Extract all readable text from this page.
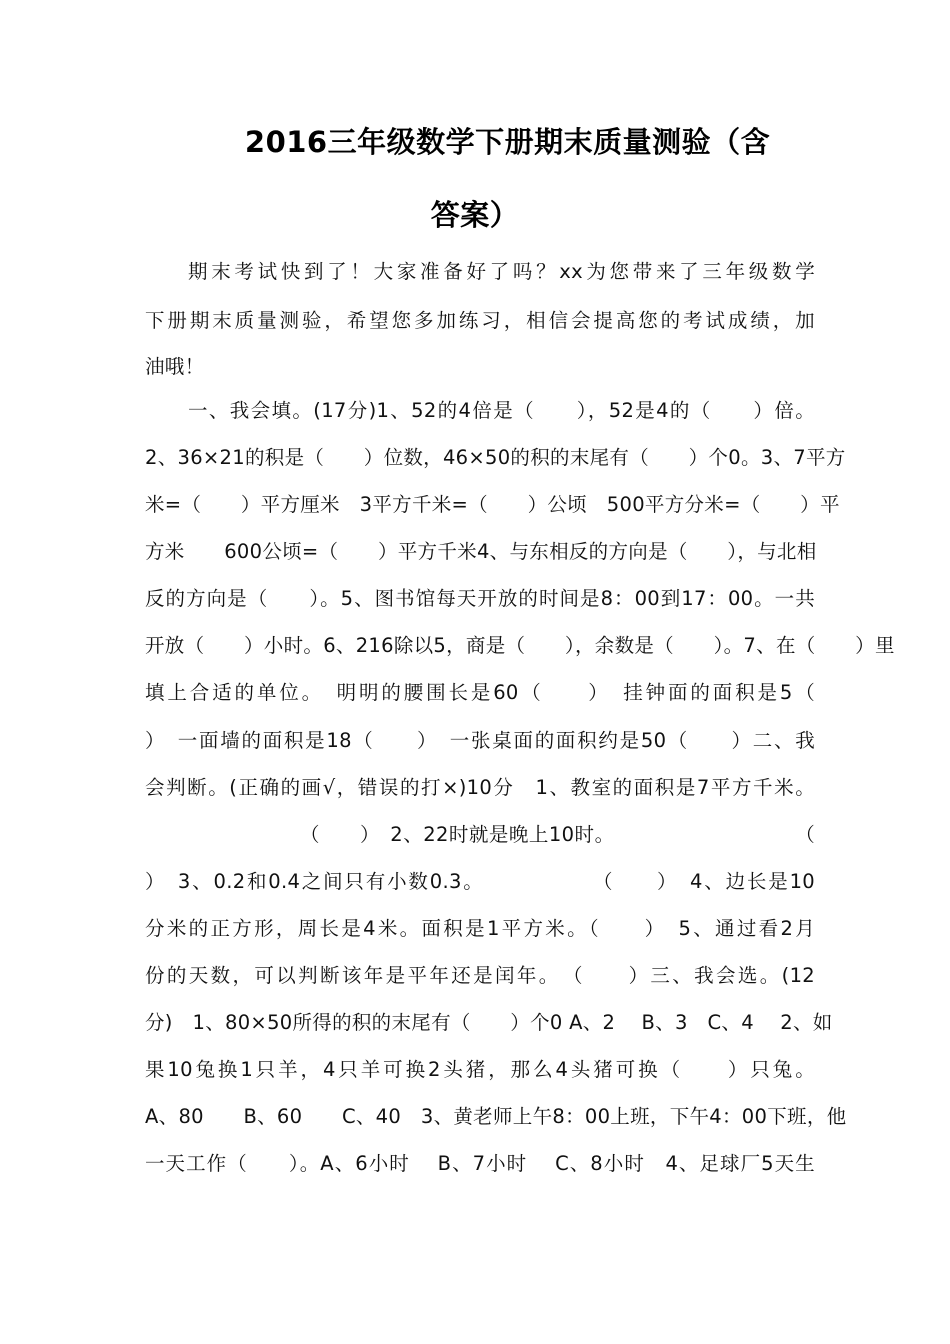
2016三年级数学下册期末质量测验（含
答案）
期末考试快到了！大家准备好了吗？xx为您带来了三年级数学
下册期末质量测验，希望您多加练习，相信会提高您的考试成绩，加
油哦！
一、我会填。(17分)1、52的4倍是（　　），52是4的（　　）倍。
2、36×21的积是（　　）位数，46×50的积的末尾有（　　）个0。3、7平方
米=（　　）平方厘米　3平方千米=（　　）公顷　500平方分米=（　　）平
方米　　600公顷=（　　）平方千米4、与东相反的方向是（　　），与北相
反的方向是（　　）。5、图书馆每天开放的时间是8：00到17：00。一共
开放（　　）小时。6、216除以5，商是（　　），余数是（　　）。7、在（　　）里
填上合适的单位。　明明的腰围长是60（　　）　挂钟面的面积是5（
）　一面墙的面积是18（　　）　一张桌面的面积约是50（　　）二、我
会判断。(正确的画√，错误的打×)10分　1、教室的面积是7平方千米。
（　　）　2、22时就是晚上10时。　　　　　　　　　　（
）　3、0.2和0.4之间只有小数0.3。　　　　　　（　　）　4、边长是10
分米的正方形，周长是4米。面积是1平方米。（　　）　5、通过看2月
份的天数，可以判断该年是平年还是闰年。　（　　）三、我会选。(12
分)　1、80×50所得的积的末尾有（　　）个0 A、2　 B、3　C、4　 2、如
果10兔换1只羊，4只羊可换2头猪，那么4头猪可换（　　）只兔。
A、80　　B、60　　C、40　3、黄老师上午8：00上班，下午4：00下班，他
一天工作（　　）。A、6小时　 B、7小时　 C、8小时　4、足球厂5天生
